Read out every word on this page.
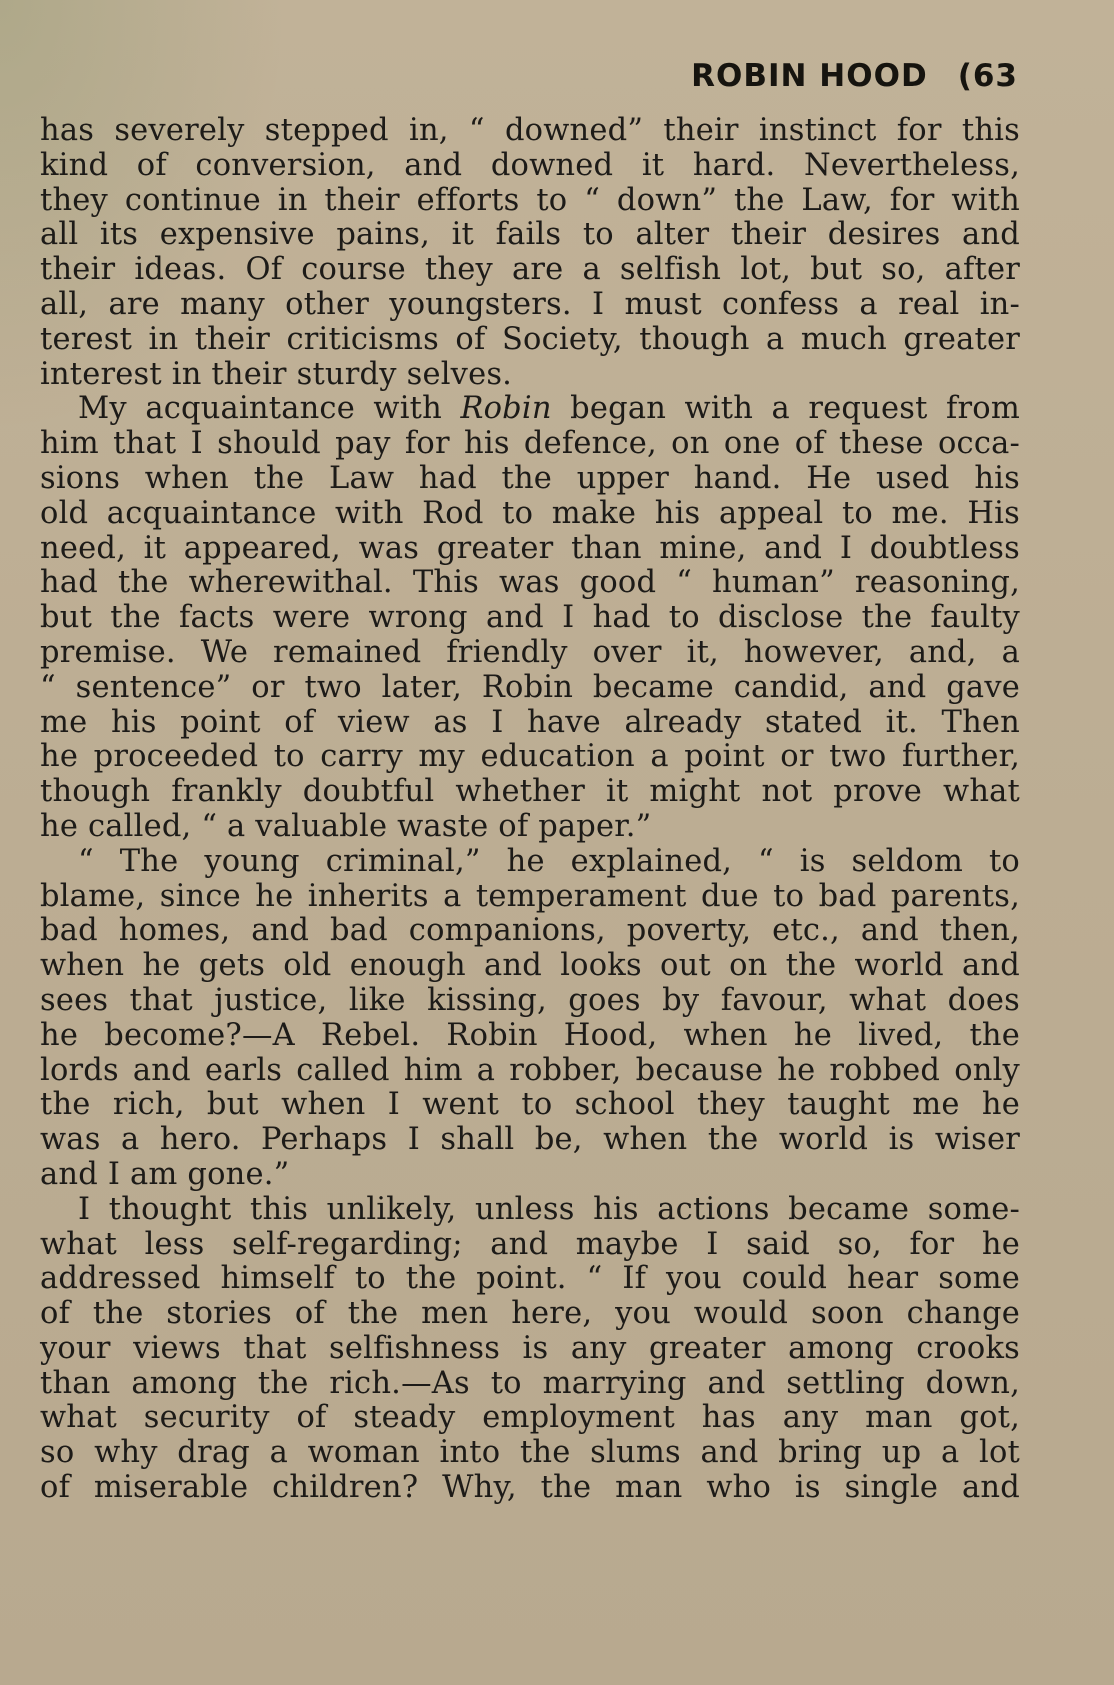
ROBIN HOOD (63
has severely stepped in, “ downed” their instinct for this
kind of conversion, and downed it hard. Nevertheless,
they continue in their efforts to “ down” the Law, for with
all its expensive pains, it fails to alter their desires and
their ideas. Of course they are a selfish lot, but so, after
all, are many other youngsters. I must confess a real in-
terest in their criticisms of Society, though a much greater
interest in their sturdy selves.
My acquaintance with Robin began with a request from
him that I should pay for his defence, on one of these occa-
sions when the Law had the upper hand. He used his
old acquaintance with Rod to make his appeal to me. His
need, it appeared, was greater than mine, and I doubtless
had the wherewithal. This was good “ human” reasoning,
but the facts were wrong and I had to disclose the faulty
premise. We remained friendly over it, however, and, a
“ sentence” or two later, Robin became candid, and gave
me his point of view as I have already stated it. Then
he proceeded to carry my education a point or two further,
though frankly doubtful whether it might not prove what
he called, “ a valuable waste of paper.”
“ The young criminal,” he explained, “ is seldom to
blame, since he inherits a temperament due to bad parents,
bad homes, and bad companions, poverty, etc., and then,
when he gets old enough and looks out on the world and
sees that justice, like kissing, goes by favour, what does
he become?—A Rebel. Robin Hood, when he lived, the
lords and earls called him a robber, because he robbed only
the rich, but when I went to school they taught me he
was a hero. Perhaps I shall be, when the world is wiser
and I am gone.”
I thought this unlikely, unless his actions became some-
what less self-regarding; and maybe I said so, for he
addressed himself to the point. “ If you could hear some
of the stories of the men here, you would soon change
your views that selfishness is any greater among crooks
than among the rich.—As to marrying and settling down,
what security of steady employment has any man got,
so why drag a woman into the slums and bring up a lot
of miserable children? Why, the man who is single and
